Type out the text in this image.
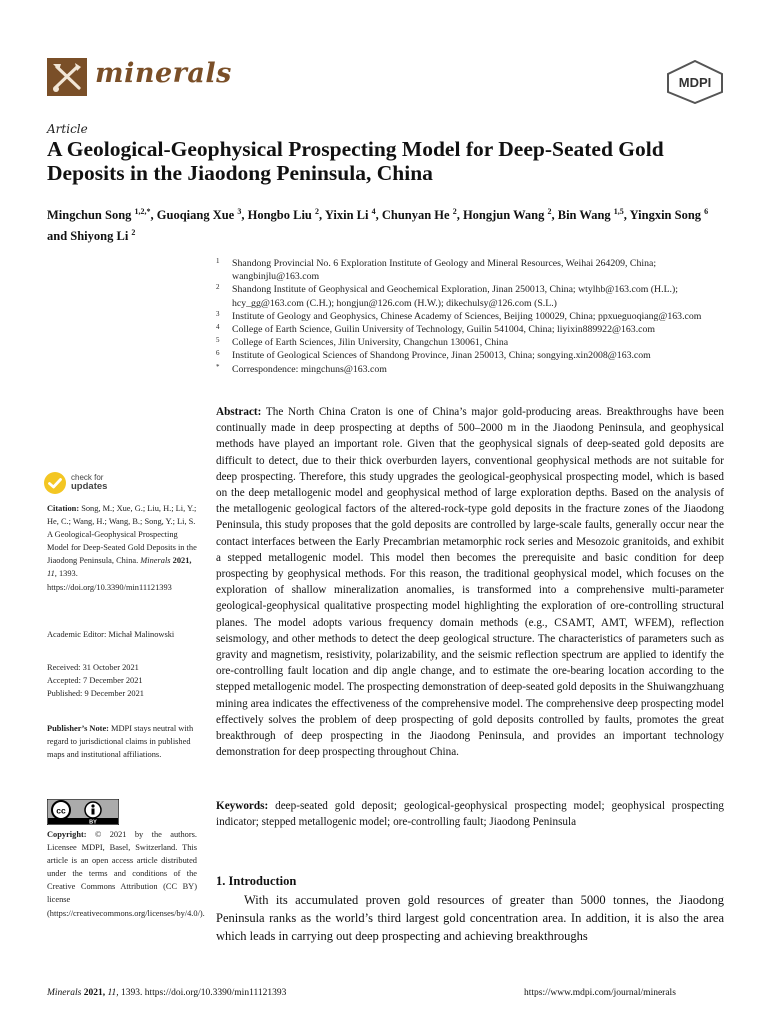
minerals	MDPI
Article
A Geological-Geophysical Prospecting Model for Deep-Seated Gold Deposits in the Jiaodong Peninsula, China
Mingchun Song $^{1,2,*}$, Guoqiang Xue $^3$, Hongbo Liu $^2$, Yixin Li $^4$, Chunyan He $^2$, Hongjun Wang $^2$, Bin Wang $^{1,5}$, Yingxin Song $^6$ and Shiyong Li $^2$
1 Shandong Provincial No. 6 Exploration Institute of Geology and Mineral Resources, Weihai 264209, China; wangbinjlu@163.com
2 Shandong Institute of Geophysical and Geochemical Exploration, Jinan 250013, China; wtylhb@163.com (H.L.); hcy_gg@163.com (C.H.); hongjun@126.com (H.W.); dikechulsy@126.com (S.L.)
3 Institute of Geology and Geophysics, Chinese Academy of Sciences, Beijing 100029, China; ppxueguoqiang@163.com
4 College of Earth Science, Guilin University of Technology, Guilin 541004, China; liyixin889922@163.com
5 College of Earth Sciences, Jilin University, Changchun 130061, China
6 Institute of Geological Sciences of Shandong Province, Jinan 250013, China; songying.xin2008@163.com
* Correspondence: mingchuns@163.com
check for
updates
Citation: Song, M.; Xue, G.; Liu, H.; Li, Y.; He, C.; Wang, H.; Wang, B.; Song, Y.; Li, S. A Geological-Geophysical Prospecting Model for Deep-Seated Gold Deposits in the Jiaodong Peninsula, China. Minerals 2021, 11, 1393. https://doi.org/10.3390/min11121393
Academic Editor: Michał Malinowski
Received: 31 October 2021
Accepted: 7 December 2021
Published: 9 December 2021
Publisher’s Note: MDPI stays neutral with regard to jurisdictional claims in published maps and institutional affiliations.
cc
BY
Copyright: © 2021 by the authors. Licensee MDPI, Basel, Switzerland. This article is an open access article distributed under the terms and conditions of the Creative Commons Attribution (CC BY) license (https://creativecommons.org/licenses/by/4.0/).
Abstract: The North China Craton is one of China’s major gold-producing areas. Breakthroughs have been continually made in deep prospecting at depths of 500–2000 m in the Jiaodong Peninsula, and geophysical methods have played an important role. Given that the geophysical signals of deep-seated gold deposits are difficult to detect, due to their thick overburden layers, conventional geophysical methods are not suitable for deep prospecting. Therefore, this study upgrades the geological-geophysical prospecting model, which is based on the deep metallogenic model and geophysical method of large exploration depths. Based on the analysis of the metallogenic geological factors of the altered-rock-type gold deposits in the fracture zones of the Jiaodong Peninsula, this study proposes that the gold deposits are controlled by large-scale faults, generally occur near the contact interfaces between the Early Precambrian metamorphic rock series and Mesozoic granitoids, and exhibit a stepped metallogenic model. This model then becomes the prerequisite and basic condition for deep prospecting by geophysical methods. For this reason, the traditional geophysical model, which focuses on the exploration of shallow mineralization anomalies, is transformed into a comprehensive multi-parameter geological-geophysical qualitative prospecting model highlighting the exploration of ore-controlling structural planes. The model adopts various frequency domain methods (e.g., CSAMT, AMT, WFEM), reflection seismology, and other methods to detect the deep geological structure. The characteristics of parameters such as gravity and magnetism, resistivity, polarizability, and the seismic reflection spectrum are applied to identify the ore-controlling fault location and dip angle change, and to estimate the ore-bearing location according to the stepped metallogenic model. The prospecting demonstration of deep-seated gold deposits in the Shuiwangzhuang mining area indicates the effectiveness of the comprehensive model. The comprehensive deep prospecting model effectively solves the problem of deep prospecting of gold deposits controlled by faults, promotes the great breakthrough of deep prospecting in the Jiaodong Peninsula, and provides an important technology demonstration for deep prospecting throughout China.
Keywords: deep-seated gold deposit; geological-geophysical prospecting model; geophysical prospecting indicator; stepped metallogenic model; ore-controlling fault; Jiaodong Peninsula
1. Introduction
With its accumulated proven gold resources of greater than 5000 tonnes, the Jiaodong Peninsula ranks as the world’s third largest gold concentration area. In addition, it is also the area which leads in carrying out deep prospecting and achieving breakthroughs
Minerals 2021, 11, 1393. https://doi.org/10.3390/min11121393	https://www.mdpi.com/journal/minerals
